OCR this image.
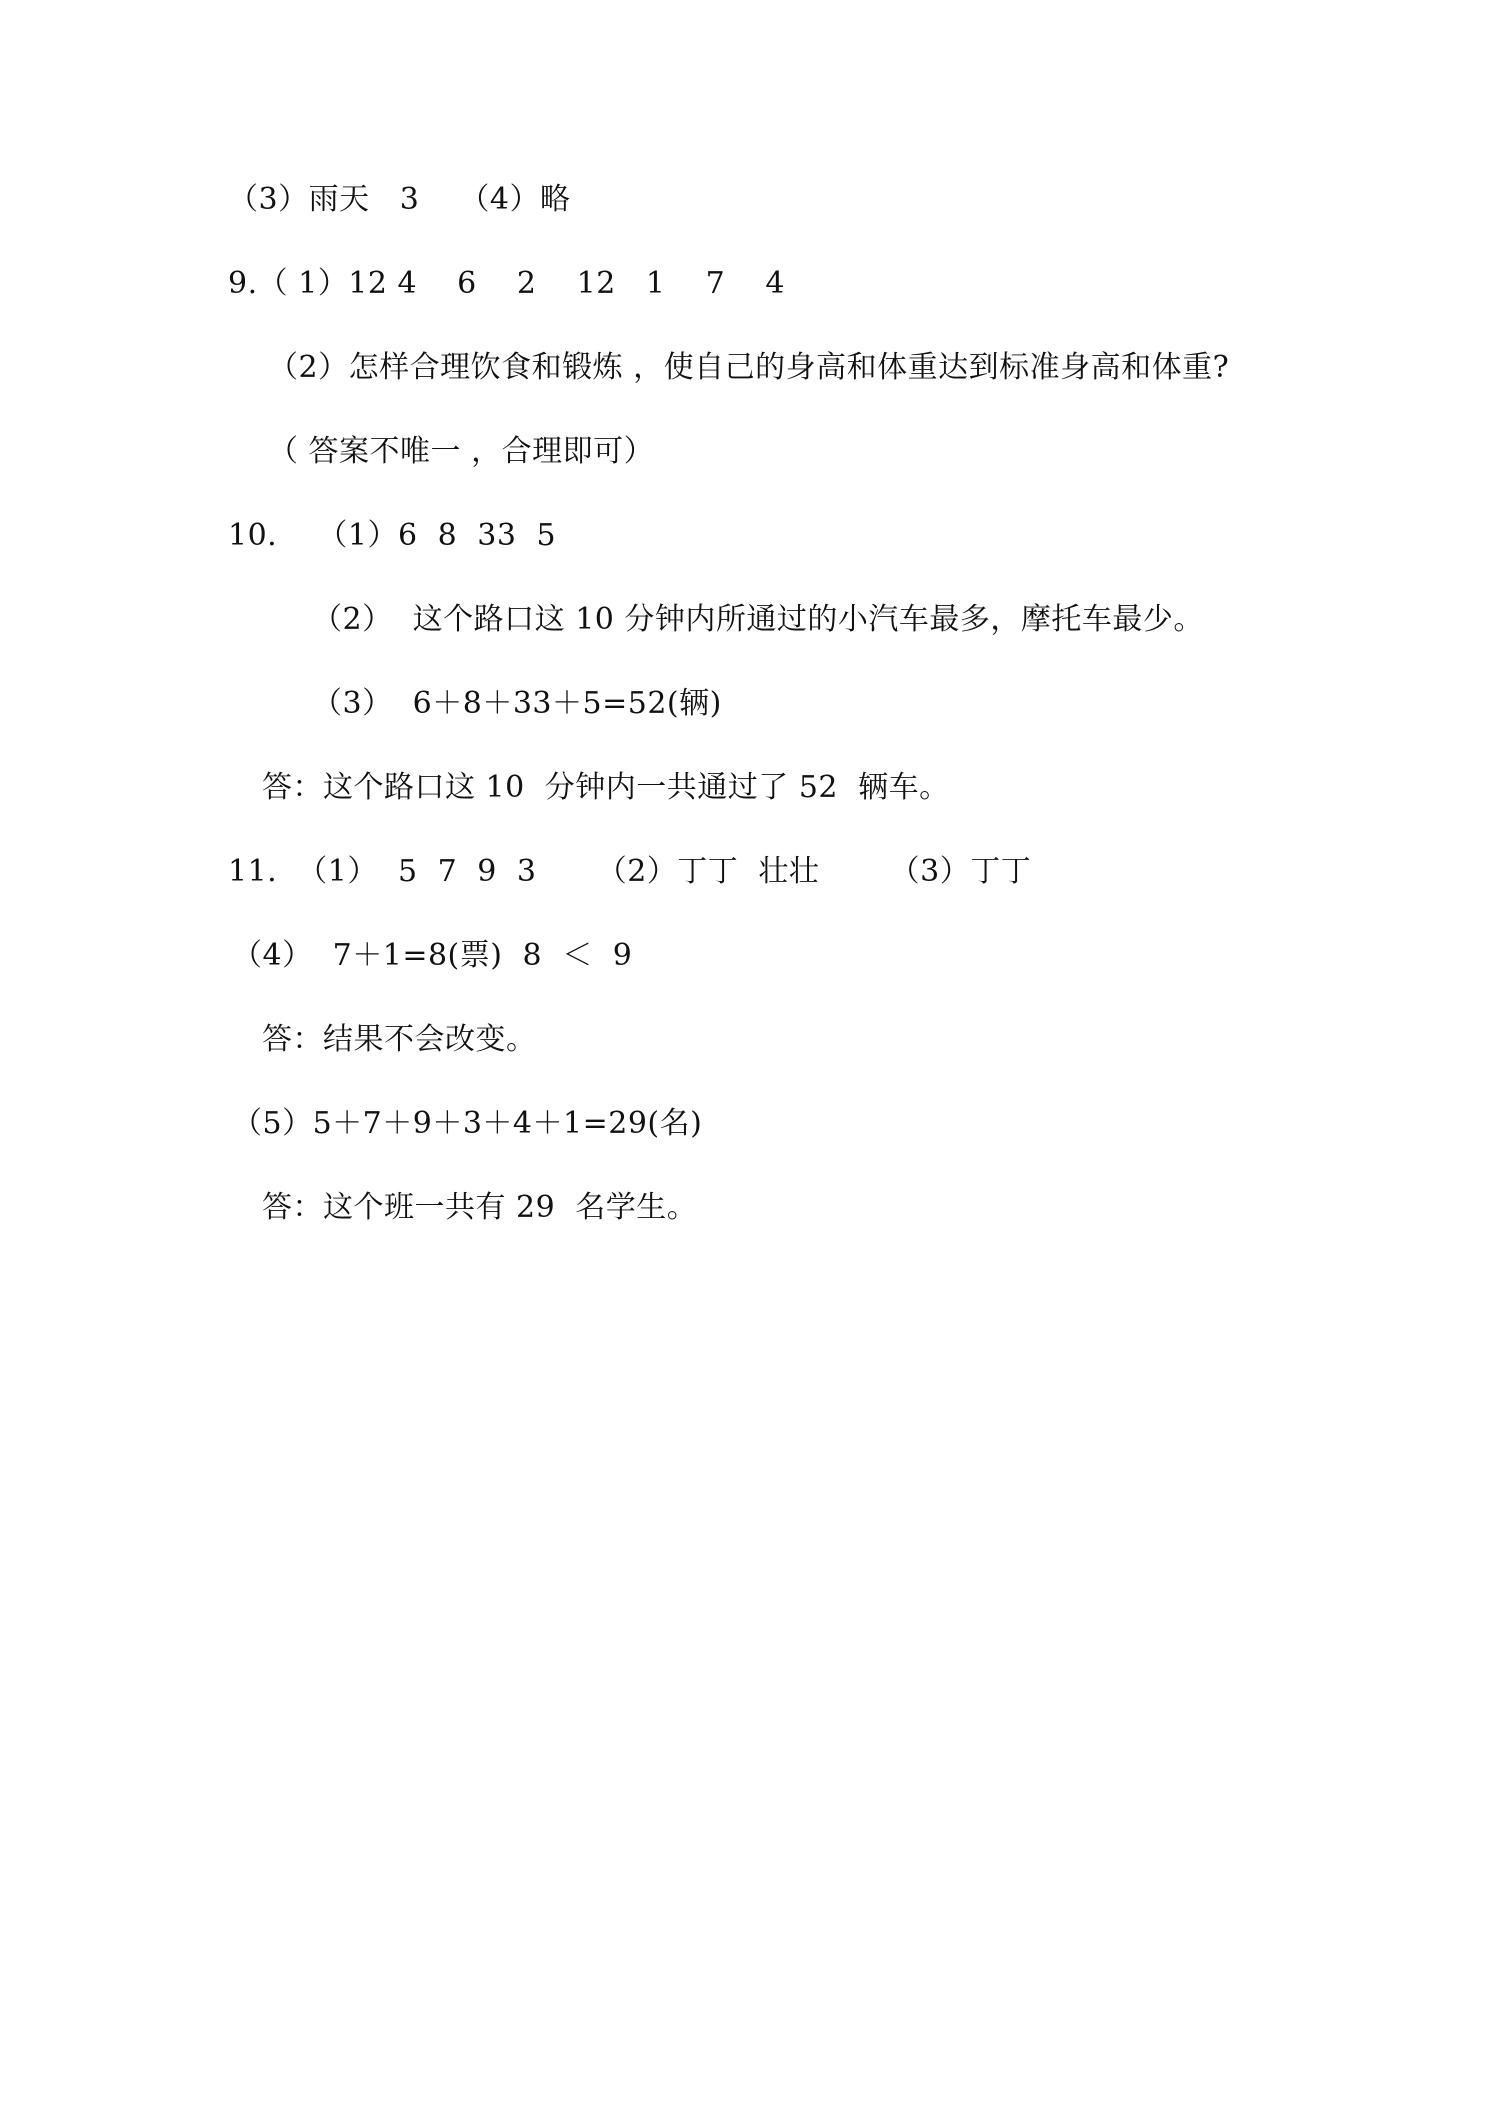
（3）雨天   3    （4）略
9.（ 1）12 4    6    2    12   1    7    4
（2）怎样合理饮食和锻炼 ，使自己的身高和体重达到标准身高和体重?
（ 答案不唯一 ，合理即可）
10.    （1）6  8  33  5
（2）  这个路口这 10 分钟内所通过的小汽车最多，摩托车最少。
（3）  6＋8＋33＋5=52(辆)
答：这个路口这 10  分钟内一共通过了 52  辆车。
11.  （1）  5  7  9  3      （2）丁丁  壮壮       （3）丁丁
（4）  7＋1=8(票)  8  ＜  9
答：结果不会改变。
（5）5＋7＋9＋3＋4＋1=29(名)
答：这个班一共有 29  名学生。
